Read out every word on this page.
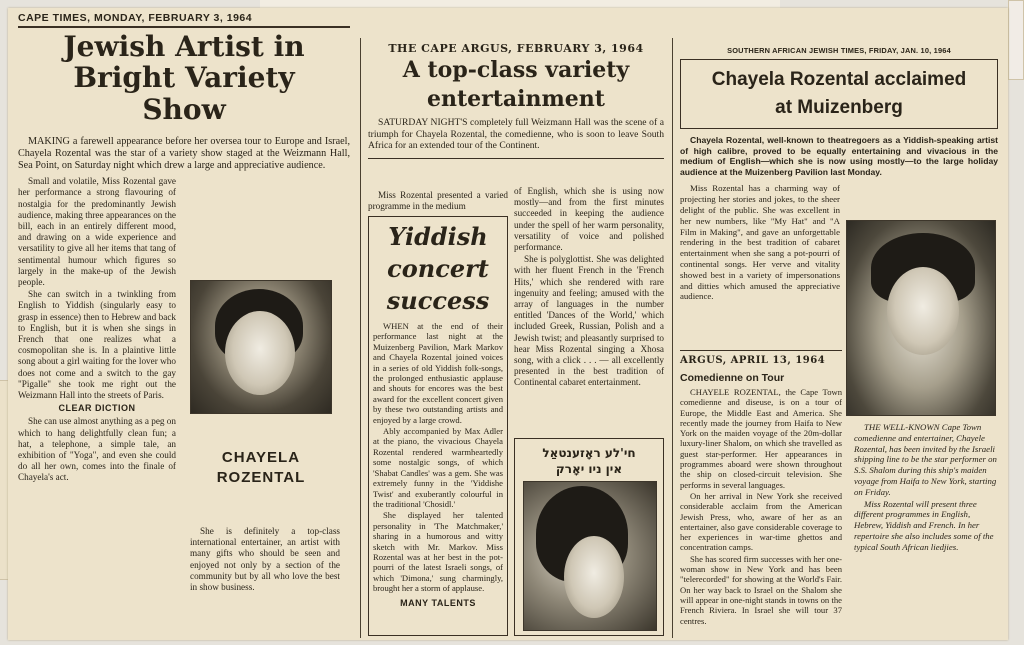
CAPE TIMES, MONDAY, FEBRUARY 3, 1964
Jewish Artist in
Bright Variety
Show

MAKING a farewell appearance before her oversea tour to Europe and Israel, Chayela Rozental was the star of a variety show staged at the Weizmann Hall, Sea Point, on Saturday night which drew a large and appreciative audience.

Small and volatile, Miss Rozental gave her performance a strong flavouring of nostalgia for the predominantly Jewish audience, making three appearances on the bill, each in an entirely different mood, and drawing on a wide experience and versatility to give all her items that tang of sentimental humour which figures so largely in the make-up of the Jewish people.

She can switch in a twinkling from English to Yiddish (singularly easy to grasp in essence) then to Hebrew and back to English, but it is when she sings in French that one realizes what a cosmopolitan she is. In a plaintive little song about a girl waiting for the lover who does not come and a switch to the gay "Pigalle" she took me right out the Weizmann Hall into the streets of Paris.

CLEAR DICTION

She can use almost anything as a peg on which to hang delightfully clean fun; a hat, a telephone, a simple tale, an exhibition of "Yoga", and even she could do all her own, comes into the finale of Chayela's act.

CHAYELA
ROZENTAL

She is definitely a top-class international entertainer, an artist with many gifts who should be seen and enjoyed not only by a section of the community but by all who love the best in show business.

THE CAPE ARGUS, FEBRUARY 3, 1964
A top-class variety
entertainment

SATURDAY NIGHT'S completely full Weizmann Hall was the scene of a triumph for Chayela Rozental, the comedienne, who is soon to leave South Africa for an extended tour of the Continent.

of English, which she is using now mostly—and from the first minutes succeeded in keeping the audience under the spell of her warm personality, versatility of voice and polished performance.

She is polyglottist. She was delighted with her fluent French in the 'French Hits,' which she rendered with rare ingenuity and feeling; amused with the array of languages in the number entitled 'Dances of the World,' which included Greek, Russian, Polish and a Jewish twist; and pleasantly surprised to hear Miss Rozental singing a Xhosa song, with a click . . . — all excellently presented in the best tradition of Continental cabaret entertainment.

Miss Rozental presented a varied programme in the medium

Yiddish
concert
success

WHEN at the end of their performance last night at the Muizenberg Pavilion, Mark Markov and Chayela Rozental joined voices in a series of old Yiddish folk-songs, the prolonged enthusiastic applause and shouts for encores was the best award for the excellent concert given by these two outstanding artists and enjoyed by a large crowd.

Ably accompanied by Max Adler at the piano, the vivacious Chayela Rozental rendered warmheartedly some nostalgic songs, of which 'Shabat Candles' was a gem. She was extremely funny in the 'Yiddishe Twist' and exuberantly colourful in the traditional 'Chosidl.'

She displayed her talented personality in 'The Matchmaker,' sharing in a humorous and witty sketch with Mr. Markov. Miss Rozental was at her best in the pot-pourri of the latest Israeli songs, of which 'Dimona,' sung charmingly, brought her a storm of applause.

MANY TALENTS
חי'לע ראָזענטאַל
אין ניו יאָרק
SOUTHERN AFRICAN JEWISH TIMES, FRIDAY, JAN. 10, 1964
Chayela Rozental acclaimed
at Muizenberg

Chayela Rozental, well-known to theatregoers as a Yiddish-speaking artist of high calibre, proved to be equally entertaining and vivacious in the medium of English—which she is now using mostly—to the large holiday audience at the Muizenberg Pavilion last Monday.

Miss Rozental has a charming way of projecting her stories and jokes, to the sheer delight of the public. She was excellent in her new numbers, like "My Hat" and "A Film in Making", and gave an unforgettable rendering in the best tradition of cabaret entertainment when she sang a pot-pourri of continental songs. Her verve and vitality showed best in a variety of impersonations and ditties which amused the appreciative audience.

THE WELL-KNOWN Cape Town comedienne and entertainer, Chayele Rozental, has been invited by the Israeli shipping line to be the star performer on S.S. Shalom during this ship's maiden voyage from Haifa to New York, starting on Friday.

Miss Rozental will present three different programmes in English, Hebrew, Yiddish and French. In her repertoire she also includes some of the typical South African liedjies.

ARGUS, APRIL 13, 1964
Comedienne on Tour

CHAYELE ROZENTAL, the Cape Town comedienne and diseuse, is on a tour of Europe, the Middle East and America. She recently made the journey from Haifa to New York on the maiden voyage of the 20m-dollar luxury-liner Shalom, on which she travelled as guest star-performer. Her appearances in programmes aboard were shown throughout the ship on closed-circuit television. She performs in several languages.

On her arrival in New York she received considerable acclaim from the American Jewish Press, who, aware of her as an entertainer, also gave considerable coverage to her experiences in war-time ghettos and concentration camps.

She has scored firm successes with her one-woman show in New York and has been "telerecorded" for showing at the World's Fair. On her way back to Israel on the Shalom she will appear in one-night stands in towns on the French Riviera. In Israel she will tour 37 centres.
